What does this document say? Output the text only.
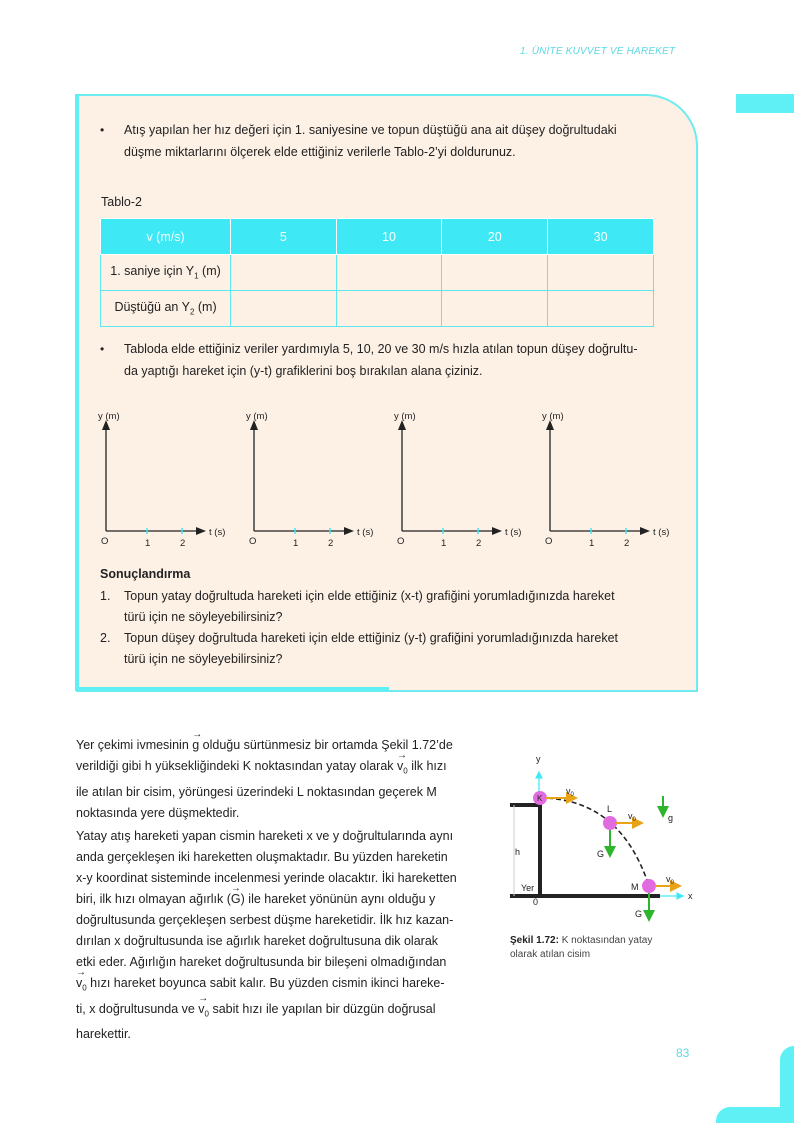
1. ÜNİTE KUVVET VE HAREKET
• Atış yapılan her hız değeri için 1. saniyesine ve topun düştüğü ana ait düşey doğrultudaki
düşme miktarlarını ölçerek elde ettiğiniz verilerle Tablo-2’yi doldurunuz.
Tablo-2
v (m/s)	5	10	20	30
1. saniye için $Y_1$ (m)				
Düştüğü an $Y_2$ (m)				
• Tabloda elde ettiğiniz veriler yardımıyla 5, 10, 20 ve 30 m/s hızla atılan topun düşey doğrultu-
da yaptığı hareket için (y-t) grafiklerini boş bırakılan alana çiziniz.
y (m)
t (s)
O	1	2
y (m)
t (s)
O	1	2
y (m)
t (s)
O	1	2
y (m)
t (s)
O	1	2
Sonuçlandırma
1. Topun yatay doğrultuda hareketi için elde ettiğiniz (x-t) grafiğini yorumladığınızda hareket
türü için ne söyleyebilirsiniz?
2. Topun düşey doğrultuda hareketi için elde ettiğiniz (y-t) grafiğini yorumladığınızda hareket
türü için ne söyleyebilirsiniz?
Yer çekimi ivmesinin → g olduğu sürtünmesiz bir ortamda Şekil 1.72’de
verildiği gibi h yüksekliğindeki K noktasından yatay olarak → $v_0$ ilk hızı
ile atılan bir cisim, yörüngesi üzerindeki L noktasından geçerek M
noktasında yere düşmektedir.
Yatay atış hareketi yapan cismin hareketi x ve y doğrultularında aynı
anda gerçekleşen iki hareketten oluşmaktadır. Bu yüzden hareketin
x-y koordinat sisteminde incelenmesi yerinde olacaktır. İki hareketten
biri, ilk hızı olmayan ağırlık (→ G) ile hareket yönünün aynı olduğu y
doğrultusunda gerçekleşen serbest düşme hareketidir. İlk hız kazan-
dırılan x doğrultusunda ise ağırlık hareket doğrultusuna dik olarak
etki eder. Ağırlığın hareket doğrultusunda bir bileşeni olmadığından
→ $v_0$ hızı hareket boyunca sabit kalır. Bu yüzden cismin ikinci hareke-
ti, x doğrultusunda ve → $v_0$ sabit hızı ile yapılan bir düzgün doğrusal
harekettir.
y
x
K
L
M
h
Yer
0
$v_0$
$v_0$
$v_0$
G
G
g
Şekil 1.72: K noktasından yatay
olarak atılan cisim
83
